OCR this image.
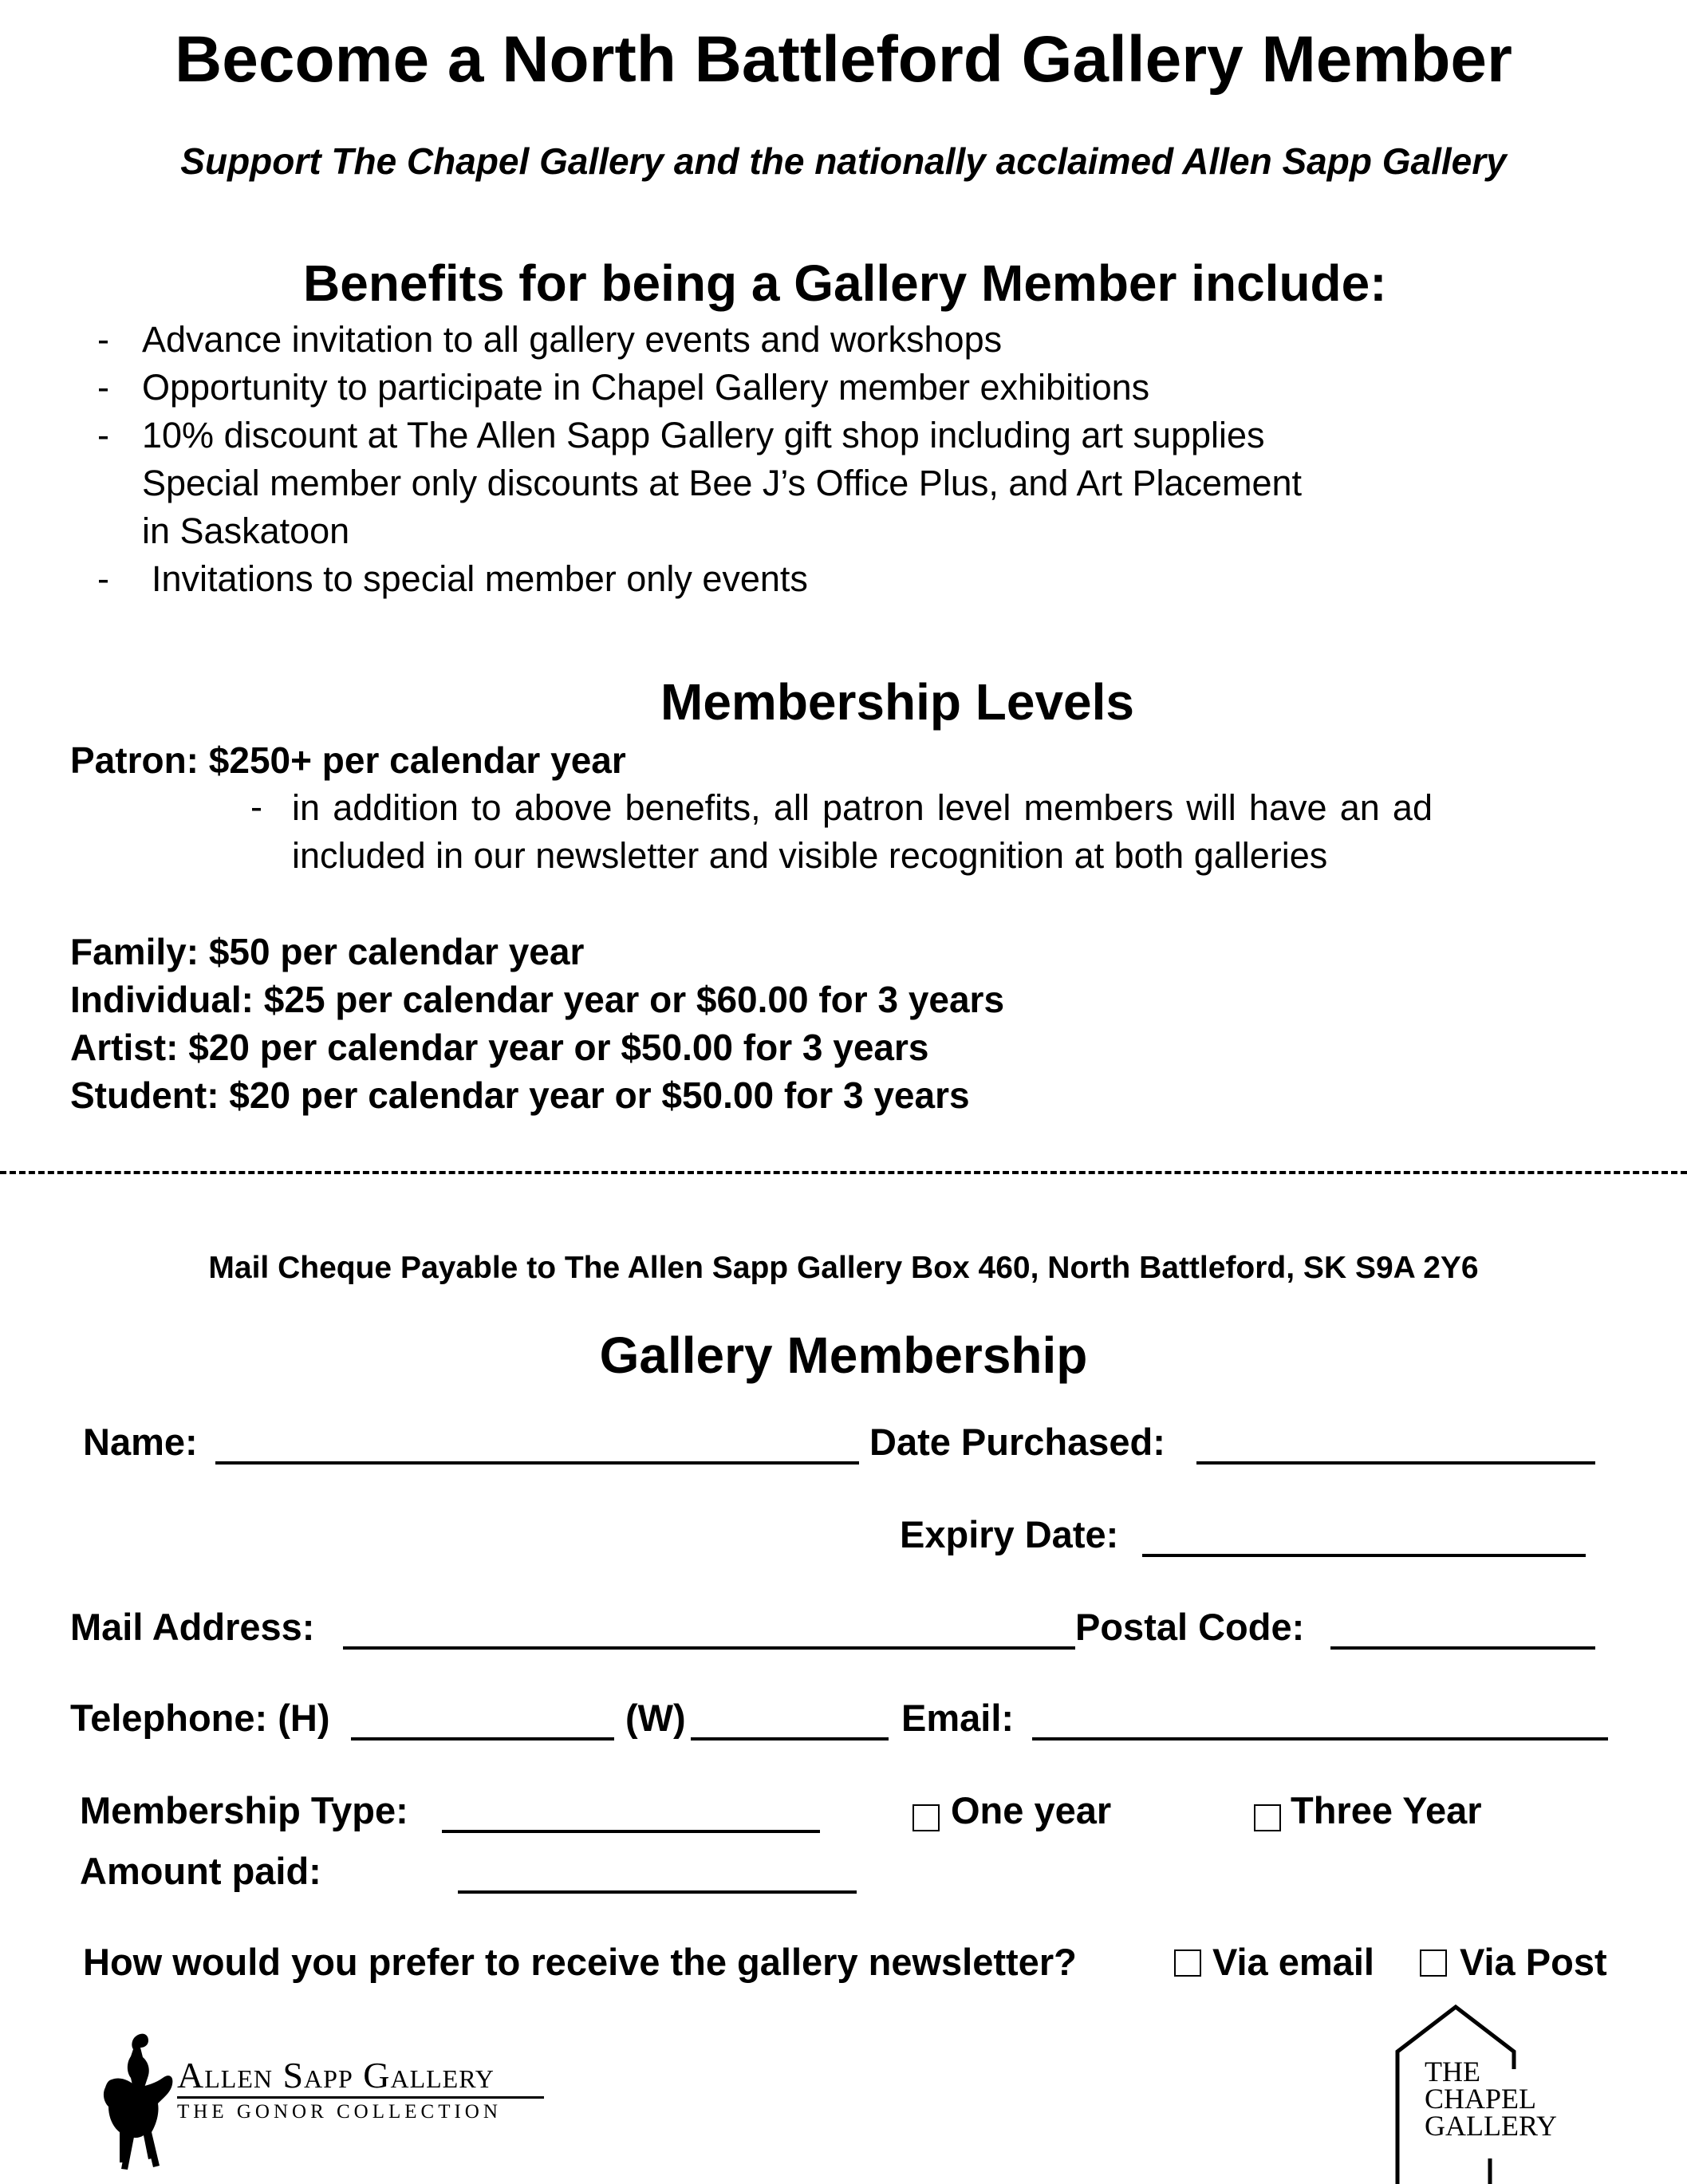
Become a North Battleford Gallery Member
Support The Chapel Gallery and the nationally acclaimed Allen Sapp Gallery
Benefits for being a Gallery Member include:
- Advance invitation to all gallery events and workshops
- Opportunity to participate in Chapel Gallery member exhibitions
- 10% discount at The Allen Sapp Gallery gift shop including art supplies
Special member only discounts at Bee J’s Office Plus, and Art Placement
in Saskatoon
- Invitations to special member only events
Membership Levels
Patron: $250+ per calendar year
- in addition to above benefits, all patron level members will have an ad included in our newsletter and visible recognition at both galleries
Family: $50 per calendar year
Individual: $25 per calendar year or $60.00 for 3 years
Artist: $20 per calendar year or $50.00 for 3 years
Student: $20 per calendar year or $50.00 for 3 years
Mail Cheque Payable to The Allen Sapp Gallery Box 460, North Battleford, SK S9A 2Y6
Gallery Membership
Name:	Date Purchased:
Expiry Date:
Mail Address:	Postal Code:
Telephone: (H)	(W)	Email:
Membership Type:	One year	Three Year
Amount paid:
How would you prefer to receive the gallery newsletter?	Via email Via Post
Allen Sapp Gallery
THE GONOR COLLECTION
THE
CHAPEL
GALLERY
